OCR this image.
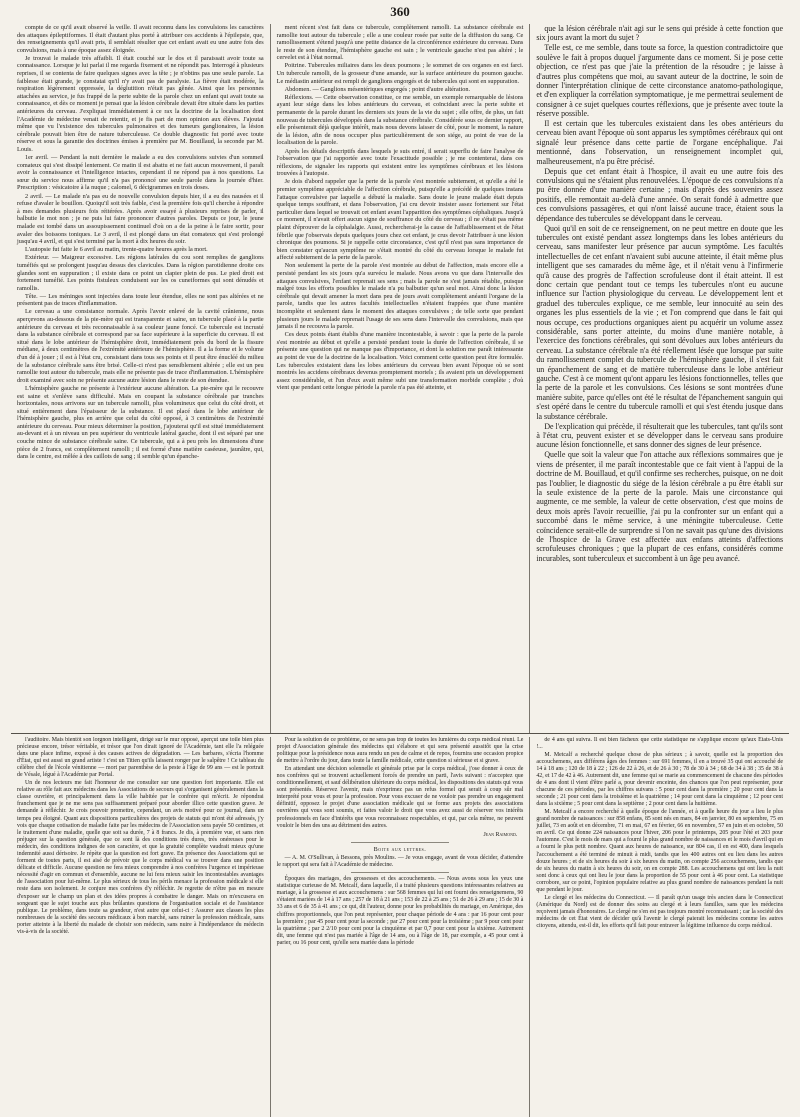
360

compte de ce qu'il avait observé la veille. Il avait reconnu dans les convulsions les caractères des attaques épileptiformes. Il était d'autant plus porté à attribuer ces accidents à l'épilepsie, que, des renseignements qu'il avait pris, il semblait résulter que cet enfant avait eu une autre fois des convulsions, mais à une époque assez éloignée.

Je trouvai le malade très affaibli. Il était couché sur le dos et il paraissait avoir toute sa connaissance. Lorsque je lui parlai il me regarda fixement et ne répondit pas. Interrogé à plusieurs reprises, il se contenta de faire quelques signes avec la tête ; je n'obtins pas une seule parole. La faiblesse était grande, je constatai qu'il n'y avait pas de paralysie. La fièvre était modérée, la respiration légèrement oppressée, la déglutition n'était pas gênée. Ainsi que les personnes attachées au service, je fus frappé de la perte subite de la parole chez un enfant qui avait toute sa connaissance, et dès ce moment je pensai que la lésion cérébrale devait être située dans les parties antérieures du cerveau. J'expliquai immédiatement à ce rax la doctrine de la localisation dont l'Académie de médecine venait de retentir, et je fis part de mon opinion aux élèves. J'ajoutai même que vu l'existence des tubercules pulmonaires et des tumeurs ganglionaires, la lésion cérébrale pouvait bien être de nature tuberculeuse. Ce double diagnostic fut porté avec toute réserve et sous la garantie des doctrines émises à première par M. Bouillaud, la seconde par M. Louis.

1er avril. — Pendant la nuit dernière le malade a eu des convulsions suivies d'un sommeil comateux qui s'est dissipé lentement. Ce matin il est abattu et ne fait aucun mouvement, il paraît avoir la connaissance et l'intelligence intactes, cependant il ne répond pas à nos questions. La sœur du service nous affirme qu'il n'a pas prononcé une seule parole dans la journée d'hier. Prescription : vésicatoire à la nuque ; calomel, 6 décigrammes en trois doses.

2 avril. — Le malade n'a pas eu de nouvelle convulsion depuis hier, il a eu des nausées et il refuse d'avaler le bouillon. Quoiqu'il soit très faible, c'est la première fois qu'il cherche à répondre à mes demandes plusieurs fois réitérées. Après avoir essayé à plusieurs reprises de parler, il balbutie le mot non ; je ne puis lui faire prononcer d'autres paroles. Depuis ce jour, le jeune malade est tombé dans un assoupissement continuel d'où on a de la peine à le faire sortir, pour avaler des boissons toniques. Le 3 avril, il est plongé dans un état comateux qui s'est prolongé jusqu'au 4 avril, et qui s'est terminé par la mort à dix heures du soir.

L'autopsie fut faite le 6 avril au matin, trente-quatre heures après la mort.

Extérieur. — Maigreur excessive. Les régions latérales du cou sont remplies de ganglions tuméfiés qui se prolongent jusqu'au dessus des clavicules. Dans la région parotidienne droite ces glandes sont en suppuration ; il existe dans ce point un clapier plein de pus. Le pied droit est fortement tuméfié. Les points fistuleux conduisent sur les os cuneiformes qui sont dénudés et ramollis.

Tête. — Les méninges sont injectées dans toute leur étendue, elles ne sont pas altérées et ne présentent pas de traces d'inflammation.

Le cerveau a une consistance normale. Après l'avoir enlevé de la cavité crânienne, nous aperçevons au-dessous de la pie-mère qui est transparente et saine, un tubercule placé à la partie antérieure du cerveau et très reconnaissable à sa couleur jaune foncé. Ce tubercule est incrusté dans la substance cérébrale et correspond par sa face supérieure à la superficie du cerveau. Il est situé dans le lobe antérieur de l'hémisphère droit, immédiatement près du bord de la fissure médiane, à deux centimètres de l'extrémité antérieure de l'hémisphère. Il a la forme et le volume d'un dé à jouer ; il est à l'état cru, consistant dans tous ses points et il peut être énucléé du milieu de la substance cérébrale sans être brisé. Celle-ci n'est pas sensiblement altérée ; elle est un peu ramollie tout autour du tubercule, mais elle ne présente pas de trace d'inflammation. L'hémisphère droit examiné avec soin ne présente aucune autre lésion dans le reste de son étendue.

L'hémisphère gauche ne présente à l'extérieur aucune altération. La pie-mère qui le recouvre est saine et s'enlève sans difficulté. Mais en coupant la substance cérébrale par tranches horizontales, nous arrivons sur un tubercule ramolli, plus volumineux que celui du côté droit, et situé entièrement dans l'épaisseur de la substance. Il est placé dans le lobe antérieur de l'hémisphère gauche, plus en arrière que celui du côté opposé, à 3 centimètres de l'extrémité antérieure du cerveau. Pour mieux déterminer la position, j'ajouterai qu'il est situé immédiatement au-devant et à un niveau un peu supérieur du ventricule latéral gauche, dont il est séparé par une couche mince de substance cérébrale saine. Ce tubercule, qui a à peu près les dimensions d'une pièce de 2 francs, est complètement ramolli ; il est formé d'une matière caséeuse, jaunâtre, qui, dans le centre, est mêlée à des caillots de sang ; il semble qu'un épanche-

ment récent s'est fait dans ce tubercule, complètement ramolli. La substance cérébrale est ramollie tout autour du tubercule ; elle a une couleur rosée par suite de la diffusion du sang. Ce ramollissement s'étend jusqu'à une petite distance de la circonférence extérieure du cerveau. Dans le reste de son étendue, l'hémisphère gauche est sain ; le ventricule gauche n'est pas altéré ; le cervelet est à l'état normal.

Poitrine. Tubercules miliaires dans les deux poumons ; le sommet de ces organes en est farci. Un tubercule ramolli, de la grosseur d'une amande, sur la surface antérieure du poumon gauche. Le médiastin antérieur est rempli de ganglions engorgés et de tubercules qui sont en suppuration.

Abdomen. — Ganglions mésentériques engorgés ; point d'autre altération.

Réflexions. — Cette observation constitue, ce me semble, un exemple remarquable de lésions ayant leur siége dans les lobes antérieurs du cerveau, et coïncidant avec la perte subite et permanente de la parole durant les derniers six jours de la vie du sujet ; elle offre, de plus, un fait nouveau de tubercules développés dans la substance cérébrale. Considérée sous ce dernier rapport, elle présenterait déjà quelque intérêt, mais nous devons laisser de côté, pour le moment, la nature de la lésion, afin de nous occuper plus particulièrement de son siége, au point de vue de la localisation de la parole.

Après les détails descriptifs dans lesquels je suis entré, il serait superflu de faire l'analyse de l'observation que j'ai rapportée avec toute l'exactitude possible ; je me contenterai, dans ces réflexions, de signaler les rapports qui existent entre les symptômes cérébraux et les lésions trouvées à l'autopsie.

Je dois d'abord rappeler que la perte de la parole s'est montrée subitement, et qu'elle a été le premier symptôme appréciable de l'affection cérébrale, puisqu'elle a précédé de quelques instans l'attaque convulsive par laquelle a débuté la maladie. Sans doute le jeune malade était depuis quelque temps souffrant, et dans l'observation, j'ai cru devoir insister assez fortement sur l'état particulier dans lequel se trouvait cet enfant avant l'apparition des symptômes céphaliques. Jusqu'à ce moment, il n'avait offert aucun signe de souffrance du côté du cerveau ; il ne s'était pas même plaint d'éprouver de la céphalalgie. Aussi, rechercherai-je la cause de l'affaiblissement et de l'état fébrile que j'observais depuis quelques jours chez cet enfant, je crus devoir l'attribuer à une lésion chronique des poumons. Si je rappelle cette circonstance, c'est qu'il n'est pas sans importance de bien constater qu'aucun symptôme ne s'était montré du côté du cerveau lorsque le malade fut affecté subitement de la perte de la parole.

Non seulement la perte de la parole s'est montrée au début de l'affection, mais encore elle a persisté pendant les six jours qu'a survécu le malade. Nous avons vu que dans l'intervalle des attaques convulsives, l'enfant reprenait ses sens ; mais la parole ne s'est jamais rétablie, puisque malgré tous les efforts possibles le malade n'a pu balbutier qu'un seul mot. Ainsi donc la lésion cérébrale qui devait amener la mort dans peu de jours avait complètement anéanti l'organe de la parole, tandis que les autres facultés intellectuelles n'étaient frappées que d'une manière incomplète et seulement dans le moment des attaques convulsives ; de telle sorte que pendant plusieurs jours le malade reprenait l'usage de ses sens dans l'intervalle des convulsions, mais que jamais il ne recouvra la parole.

Ces deux points étant établis d'une manière incontestable, à savoir : que la perte de la parole s'est montrée au début et qu'elle a persisté pendant toute la durée de l'affection cérébrale, il se présente une question qui ne manque pas d'importance, et dont la solution me paraît intéressante au point de vue de la doctrine de la localisation. Voici comment cette question peut être formulée. Les tubercules existaient dans les lobes antérieurs du cerveau bien avant l'époque où se sont montrés les accidens cérébraux devenus promptement mortels ; ils avaient pris un développement assez considérable, et l'un d'eux avait même subi une transformation morbide complète ; d'où vient que pendant cette longue période la parole n'a pas été atteinte, et

que la lésion cérébrale n'ait agi sur le sens qui préside à cette fonction que six jours avant la mort du sujet ?

Telle est, ce me semble, dans toute sa force, la question contradictoire que soulève le fait à propos duquel j'argumente dans ce moment. Si je pose cette objection, ce n'est pas que j'aie la prétention de la résoudre ; je laisse à d'autres plus compétens que moi, au savant auteur de la doctrine, le soin de donner l'interprétation clinique de cette circonstance anatomo-pathologique, et d'en expliquer la corrélation symptomatique, je me permettrai seulement de consigner à ce sujet quelques courtes réflexions, que je présente avec toute la réserve possible.

Il est certain que les tubercules existaient dans les obes antérieurs du cerveau bien avant l'époque où sont apparus les symptômes cérébraux qui ont signalé leur présence dans cette partie de l'organe encéphalique. J'ai mentionné, dans l'observation, un renseignement incomplet qui, malheureusement, n'a pu être précisé.

Depuis que cet enfant était à l'hospice, il avait eu une autre fois des convulsions qui ne s'étaient plus renouvelées. L'époque de ces convulsions n'a pu être donnée d'une manière certaine ; mais d'après des souvenirs assez positifs, elle remontait au-delà d'une année. On serait fondé à admettre que ces convulsions passagères, et qui n'ont laissé aucune trace, étaient sous la dépendance des tubercules se développant dans le cerveau.

Quoi qu'il en soit de ce renseignement, on ne peut mettre en doute que les tubercules ont existé pendant assez longtemps dans les lobes antérieurs du cerveau, sans manifester leur présence par aucun symptôme. Les facultés intellectuelles de cet enfant n'avaient subi aucune atteinte, il était même plus intelligent que ses camarades du même âge, et il n'était venu à l'infirmerie qu'à cause des progrès de l'affection scrofuleuse dont il était atteint. Il est donc certain que pendant tout ce temps les tubercules n'ont eu aucune influence sur l'action physiologique du cerveau. Le développement lent et graduel des tubercules explique, ce me semble, leur innocuité au sein des organes les plus essentiels de la vie ; et l'on comprend que dans le fait qui nous occupe, ces productions organiques aient pu acquérir un volume assez considérable, sans porter atteinte, du moins d'une manière notable, à l'exercice des fonctions cérébrales, qui sont dévolues aux lobes antérieurs du cerveau. La substance cérébrale n'a été réellement lésée que lorsque par suite du ramollissement complet du tubercule de l'hémisphère gauche, il s'est fait un épanchement de sang et de matière tuberculeuse dans le lobe antérieur gauche. C'est à ce moment qu'ont apparu les lésions fonctionnelles, telles que la perte de la parole et les convulsions. Ces lésions se sont montrées d'une manière subite, parce qu'elles ont été le résultat de l'épanchement sanguin qui s'est opéré dans le centre du tubercule ramolli et qui s'est étendu jusque dans la substance cérébrale.

De l'explication qui précède, il résulterait que les tubercules, tant qu'ils sont à l'état cru, peuvent exister et se développer dans le cerveau sans produire aucune lésion fonctionnelle, et sans donner des signes de leur présence.

Quelle que soit la valeur que l'on attache aux réflexions sommaires que je viens de présenter, il me paraît incontestable que ce fait vient à l'appui de la doctrine de M. Bouillaud, et qu'il confirme ses recherches, puisque, on ne doit pas l'oublier, le diagnostic du siége de la lésion cérébrale a pu être établi sur la seule existence de la perte de la parole. Mais une circonstance qui augmente, ce me semble, la valeur de cette observation, c'est que moins de deux mois après l'avoir recueillie, j'ai pu la confronter sur un enfant qui a succombé dans le même service, à une méningite tuberculeuse. Cette coïncidence serait-elle de surprendre si l'on ne savait pas qu'une des divisions de l'hospice de la Grave est affectée aux enfans atteints d'affections scrofuleuses chroniques ; que la plupart de ces enfans, considérés comme incurables, sont tuberculeux et succombent à un âge peu avancé.

l'auditoire. Mais bientôt son lorgnon intelligent, dirigé sur le mur opposé, aperçut une toile bien plus précieuse encore, trésor véritable, et trésor que l'on dirait ignoré de l'Académie, tant elle l'a reléguée dans une place infime, exposé à des causes actives de dégradation. — Les barbares, s'écria l'homme d'État, qui est aussi un grand artiste ! c'est un Titien qu'ils laissent ronger par le salpêtre ! Ce tableau du célèbre chef de l'école vénitienne — mort par parenthèse de la peste à l'âge de 99 ans — est le portrait de Vésale, légué à l'Académie par Portal.

Un de nos lecteurs me fait l'honneur de me consulter sur une question fort importante. Elle est relative au rôle fait aux médecins dans les Associations de secours qui s'organisent généralement dans la classe ouvrière, et principalement dans la ville habitée par le confrère qui m'écrit. Je répondrai franchement que je ne me sens pas suffisamment préparé pour aborder illico cette question grave. Je demande à réfléchir. Je crois pouvoir promettre, cependant, un avis motivé pour ce journal, dans un temps peu éloigné. Quant aux dispositions particulières des projets de statuts qui m'ont été adressés, j'y vois que chaque cotisation de maladie faite par les médecins de l'Association sera payée 50 centimes, et le traitement d'une maladie, quelle que soit sa durée, 7 à 8 francs. Je dis, à première vue, et sans rien préjuger sur la question générale, que ce sont là des conditions très dures, très onéreuses pour le médecin, des conditions indignes de son caractère, et que la gratuité complète vaudrait mieux qu'une indemnité aussi dérisoire. Je répète que la question est fort grave. En présence des Associations qui se forment de toutes parts, il est aisé de prévoir que le corps médical va se trouver dans une position délicate et difficile. Aucune question ne fera mieux comprendre à nos confrères l'urgence et impérieuse nécessité d'agir en commun et d'ensemble, aucune ne lui fera mieux saisir les incontestables avantages de l'association pour lui-même. Le plus sérieux de tous les périls menace la profession médicale si elle reste dans son isolement. Je conjure mes confrères d'y réfléchir. Je regrette de n'être pas en mesure d'exposer sur le champ un plan et des idées propres à combattre le danger. Mais on m'excusera en songeant que le sujet touche aux plus brûlantes questions de l'organisation sociale et de l'assistance publique. Le problème, dans toute sa grandeur, n'est autre que celui-ci : Assurer aux classes les plus nombreuses de la société des secours médicaux à bon marché, sans ruiner la profession médicale, sans porter atteinte à la liberté du malade de choisir son médecin, sans nuire à l'indépendance du médecin vis-à-vis de la société.

Pour la solution de ce problème, ce ne sera pas trop de toutes les lumières du corps médical réuni. Le projet d'Association générale des médecins qui s'élabore et qui sera présenté aussitôt que la crise politique pour la présidence nous aura rendu un peu de calme et de repos, fournira une occasion propice de mettre à l'ordre du jour, dans toute la famille médicale, cette question si sérieuse et si grave.

En attendant une décision solennelle et générale prise par le corps médical, j'ose donner à ceux de nos confrères qui se trouvent actuellement forcés de prendre un parti, l'avis suivant : n'acceptez que conditionnellement, et sauf délibération ultérieure du corps médical, les dispositions des statuts qui vous sont présentés. Réservez l'avenir, mais n'exprimez pas un refus formel qui serait à coup sûr mal interprété pour vous et pour la profession. Pour vous excuser de ne vouloir pas prendre un engagement définitif, opposez le projet d'une association médicale qui se forme aux projets des associations ouvrières qui vous sont soumis, et faites valoir le droit que vous avez aussi de réserver vos intérêts professionnels en face d'intérêts que vous reconnaissez respectables, et qui, par cela même, ne peuvent vouloir le bien des uns au détriment des autres.

Jean Raimond.

Boite aux lettres.

— A. M. O'Sullivan, à Bessons, près Moulins. — Je vous engage, avant de vous décider, d'attendre le rapport qui sera fait à l'Académie de médecine.

Époques des mariages, des grossesses et des accouchements. — Nous avons sous les yeux une statistique curieuse de M. Metcalf, dans laquelle, il a traité plusieurs questions intéressantes relatives au mariage, à la grossesse et aux accouchemens : sur 568 femmes qui lui ont fourni des renseignemens, 90 s'étaient mariées de 14 à 17 ans ; 257 de 18 à 21 ans ; 153 de 22 à 25 ans ; 51 de 26 à 29 ans ; 15 de 30 à 33 ans et 6 de 35 à 41 ans ; ce qui, dit l'auteur, donne pour les probabilités du mariage, en Amérique, des chiffres proportionnels, que l'on peut représenter, pour chaque période de 4 ans : par 16 pour cent pour la première ; par 45 pour cent pour la seconde ; par 27 pour cent pour la troisième ; par 9 pour cent pour la quatrième ; par 2 2/10 pour cent pour la cinquième et par 0,7 pour cent pour la sixième. Autrement dit, une femme qui n'est pas mariée à l'âge de 14 ans, ou à l'âge de 18, par exemple, a 45 pour cent à parier, ou 16 pour cent, qu'elle sera mariée dans la période

de 4 ans qui suivra. Il est bien fâcheux que cette statistique ne s'applique encore qu'aux États-Unis !...

M. Metcalf a recherché quelque chose de plus sérieux ; à savoir, quelle est la proportion des accouchemens, aux différens âges des femmes : sur 691 femmes, il en a trouvé 35 qui ont accouché de 14 à 18 ans ; 120 de 18 à 22 ; 126 de 22 à 26, et de 26 à 30 ; 78 de 30 à 34 ; 68 de 34 à 38 ; 35 de 38 à 42, et 17 de 42 à 46. Autrement dit, une femme qui se marie au commencement de chacune des périodes de 4 ans dont il vient d'être parlé a, pour devenir enceinte, des chances que l'on peut représenter, pour chacune de ces périodes, par les chiffres suivans : 5 pour cent dans la première ; 20 pour cent dans la seconde ; 21 pour cent dans la troisième et la quatrième ; 14 pour cent dans la cinquième ; 12 pour cent dans la sixième ; 5 pour cent dans la septième ; 2 pour cent dans la huitième.

M. Metcalf a encore recherché à quelle époque de l'année, et à quelle heure du jour a lieu le plus grand nombre de naissances : sur 858 enfans, 85 sont nés en mars, 84 en janvier, 80 en septembre, 75 en juillet, 73 en août et en décembre, 71 en mai, 67 en février, 66 en novembre, 57 en juin et en octobre, 50 en avril. Ce qui donne 224 naissances pour l'hiver, 206 pour le printemps, 205 pour l'été et 203 pour l'automne. C'est le mois de mars qui a fourni le plus grand nombre de naissances et le mois d'avril qui en a fourni le plus petit nombre. Quant aux heures de naissance, sur 804 cas, il en est 400, dans lesquels l'accouchement a été terminé de minuit à midi, tandis que les 400 autres ont eu lieu dans les autres douze heures ; et de six heures du soir à six heures du matin, on compte 256 accouchemens, tandis que de six heures du matin à six heures du soir, on en compte 288. Les accouchemens qui ont lieu la nuit sont donc à ceux qui ont lieu le jour dans la proportion de 55 pour cent à 46 pour cent. La statistique corrobore, sur ce point, l'opinion populaire relative au plus grand nombre de naissances pendant la nuit que pendant le jour.

Le clergé et les médecins du Connecticut. — Il paraît qu'un usage très ancien dans le Connecticut (Amérique du Nord) est de donner des soins au clergé et à leurs familles, sans que les médecins reçoivent jamais d'honoraires. Le clergé ne s'en est pas toujours montré reconnaissant ; car la société des médecins de cet État vient de décider qu'à l'avenir le clergé paierait les médecins comme les autres citoyens, attendu, est-il dit, les efforts qu'il fait pour entraver la légitime influence du corps médical.
